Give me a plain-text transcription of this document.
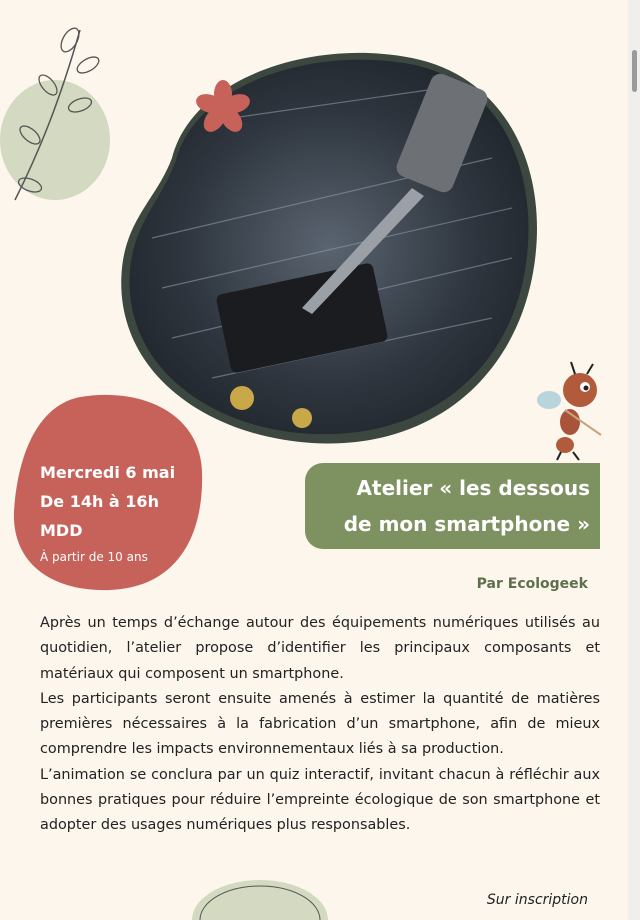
Mercredi 6 mai
De 14h à 16h
MDD
À partir de 10 ans
Atelier « les dessous
de mon smartphone »
Par Ecologeek

Après un temps d’échange autour des équipements numériques utilisés au quotidien, l’atelier propose d’identifier les principaux composants et matériaux qui composent un smartphone.

Les participants seront ensuite amenés à estimer la quantité de matières premières nécessaires à la fabrication d’un smartphone, afin de mieux comprendre les impacts environnementaux liés à sa production.

L’animation se conclura par un quiz interactif, invitant chacun à réfléchir aux bonnes pratiques pour réduire l’empreinte écologique de son smartphone et adopter des usages numériques plus responsables.

Sur inscription
